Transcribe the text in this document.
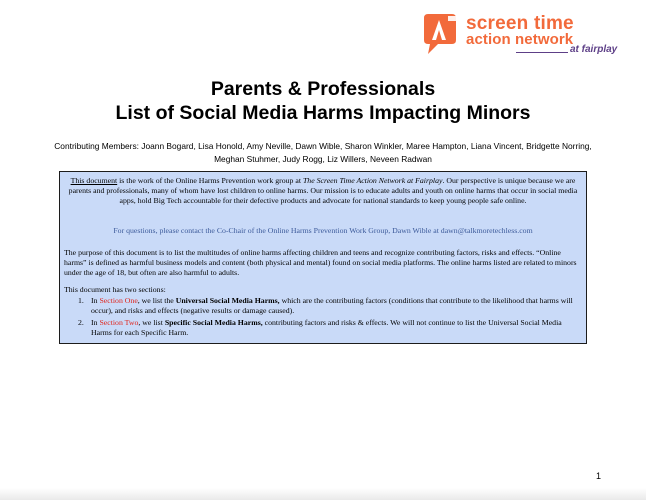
screen time
action network
at fairplay
Parents & Professionals
List of Social Media Harms Impacting Minors
Contributing Members: Joann Bogard, Lisa Honold, Amy Neville, Dawn Wible, Sharon Winkler, Maree Hampton, Liana Vincent, Bridgette Norring,
Meghan Stuhmer, Judy Rogg, Liz Willers, Neveen Radwan
This document is the work of the Online Harms Prevention work group at The Screen Time Action Network at Fairplay. Our perspective is unique because we are parents and professionals, many of whom have lost children to online harms. Our mission is to educate adults and youth on online harms that occur in social media apps, hold Big Tech accountable for their defective products and advocate for national standards to keep young people safe online.
For questions, please contact the Co-Chair of the Online Harms Prevention Work Group, Dawn Wible at dawn@talkmoretechless.com
The purpose of this document is to list the multitudes of online harms affecting children and teens and recognize contributing factors, risks and effects. “Online harms” is defined as harmful business models and content (both physical and mental) found on social media platforms. The online harms listed are related to minors under the age of 18, but often are also harmful to adults.
This document has two sections:
1. In Section One, we list the Universal Social Media Harms, which are the contributing factors (conditions that contribute to the likelihood that harms will occur), and risks and effects (negative results or damage caused).
2. In Section Two, we list Specific Social Media Harms, contributing factors and risks & effects. We will not continue to list the Universal Social Media Harms for each Specific Harm.
1
